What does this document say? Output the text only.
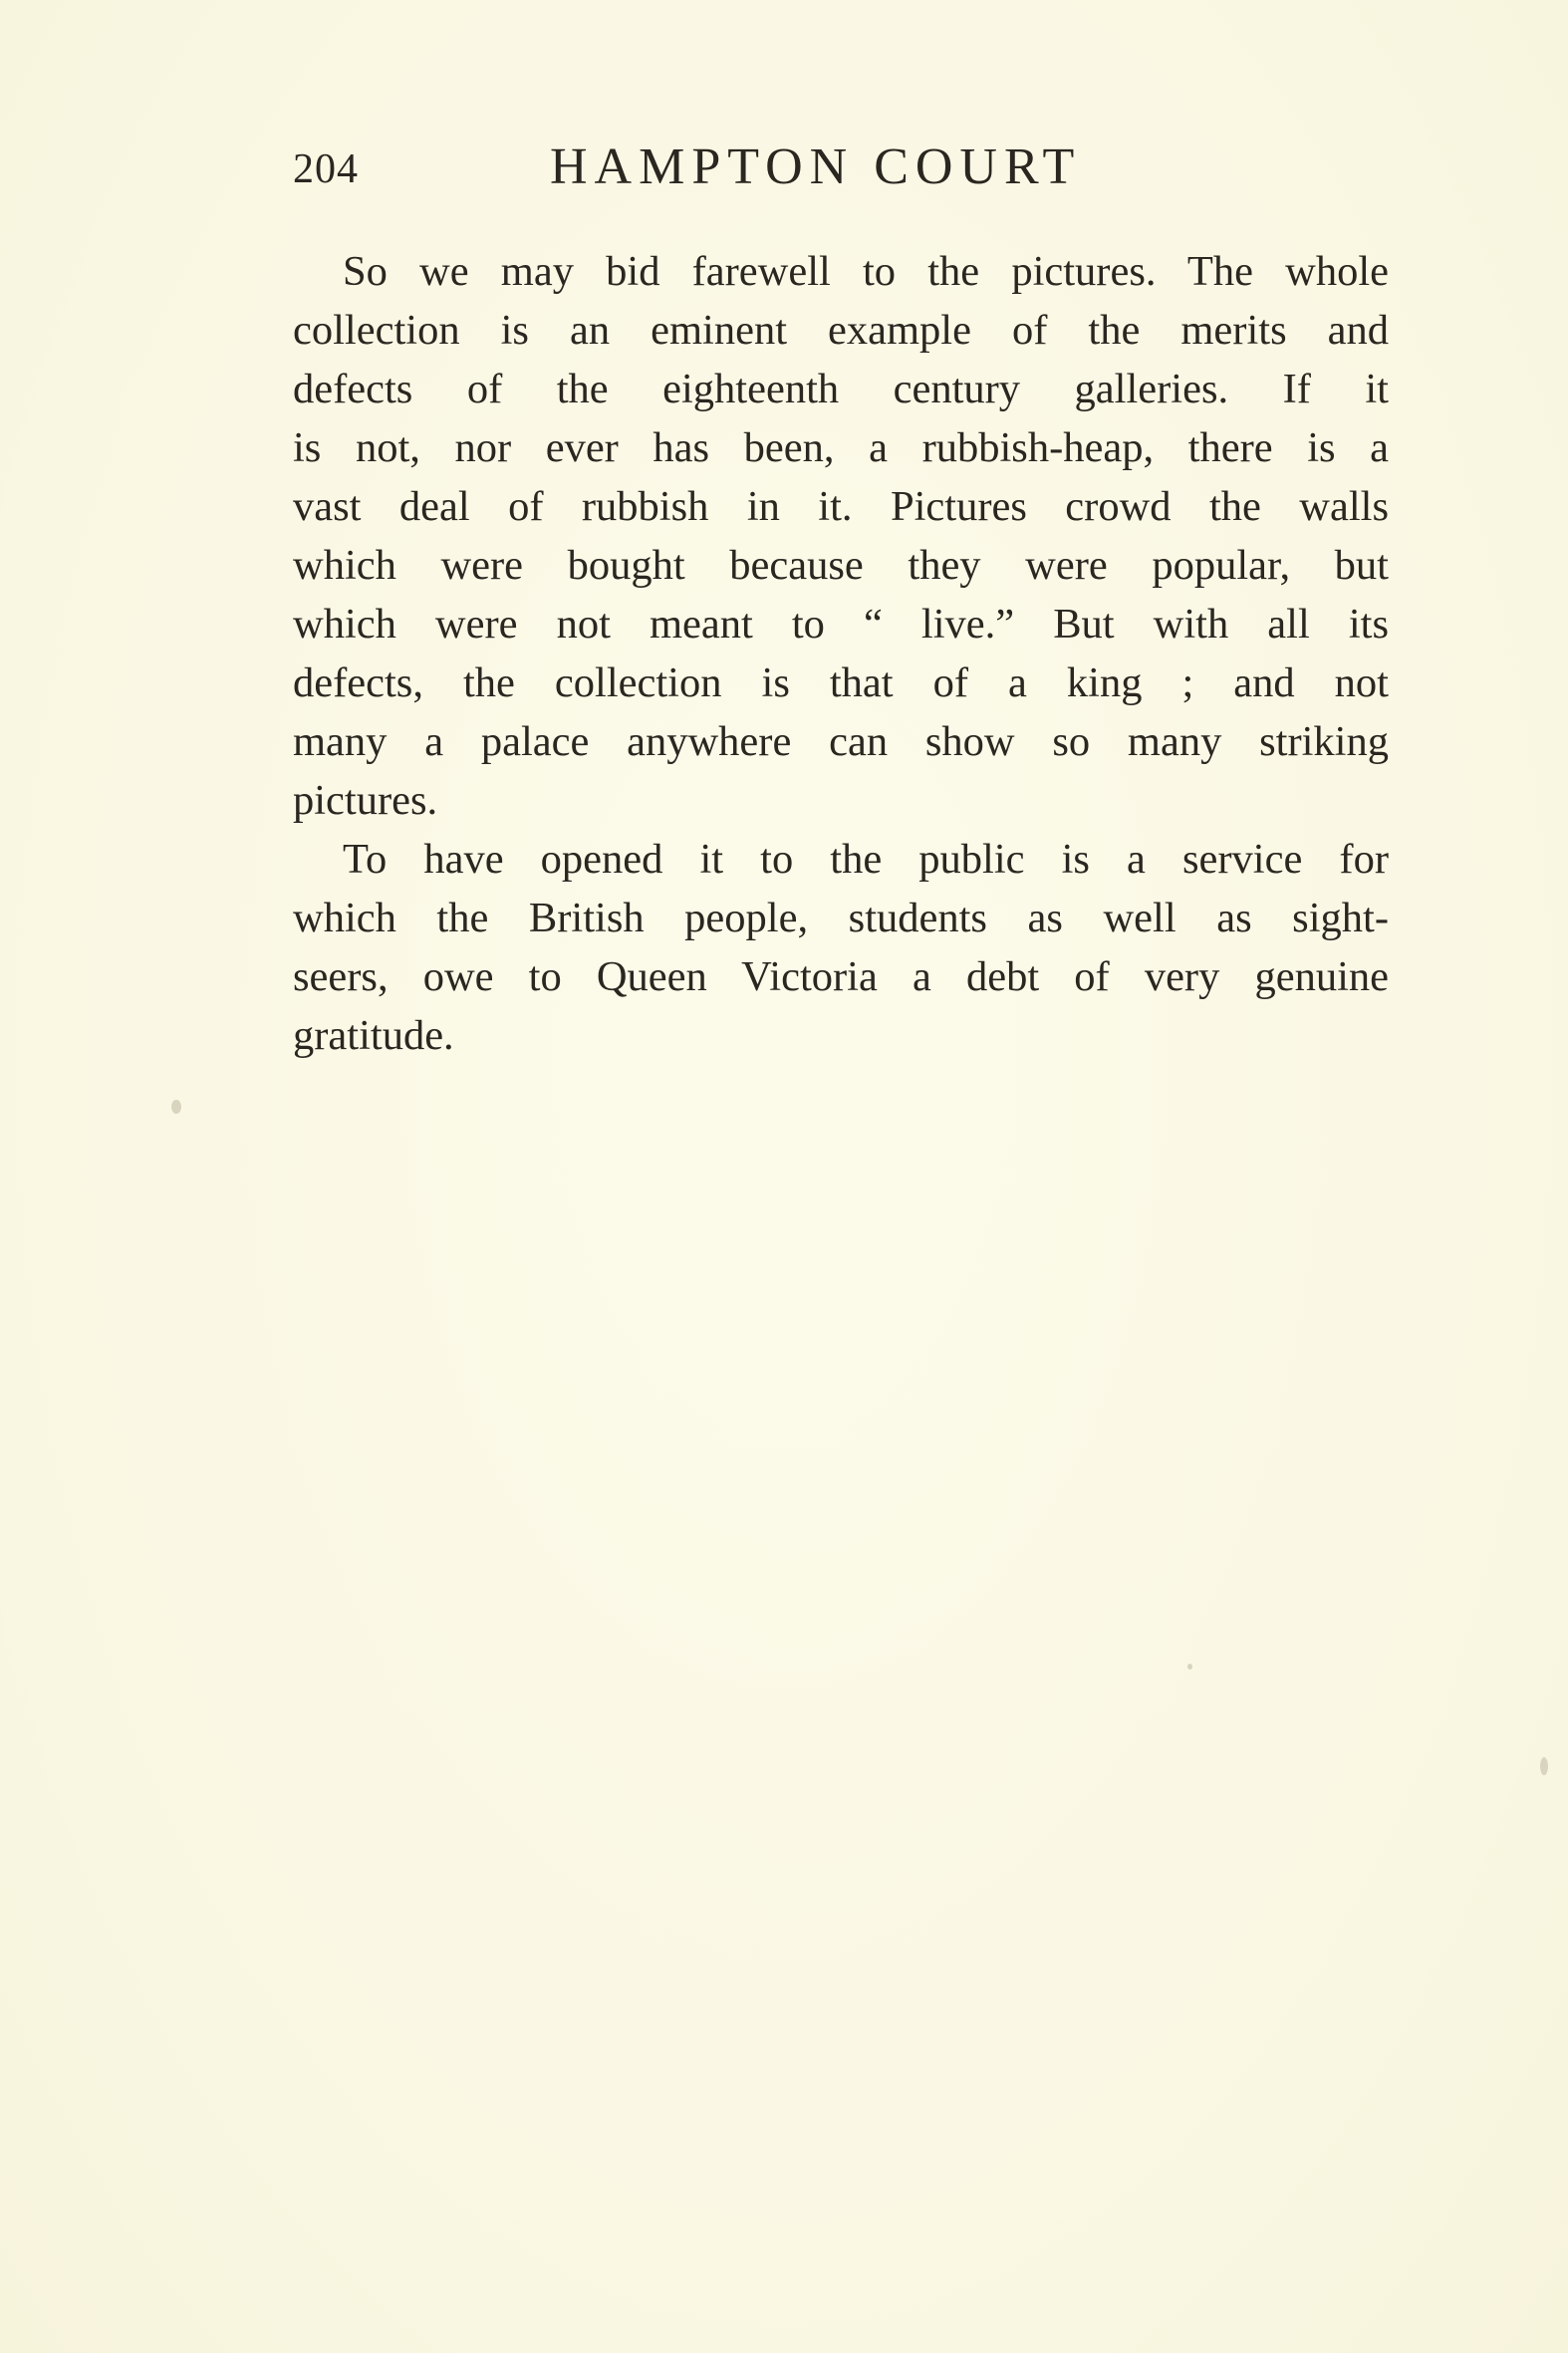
204	HAMPTON COURT
So we may bid farewell to the pictures. The whole
collection is an eminent example of the merits and
defects of the eighteenth century galleries. If it
is not, nor ever has been, a rubbish-heap, there is a
vast deal of rubbish in it. Pictures crowd the walls
which were bought because they were popular, but
which were not meant to “ live.” But with all its
defects, the collection is that of a king ; and not
many a palace anywhere can show so many striking
pictures.
To have opened it to the public is a service for
which the British people, students as well as sight-
seers, owe to Queen Victoria a debt of very genuine
gratitude.
